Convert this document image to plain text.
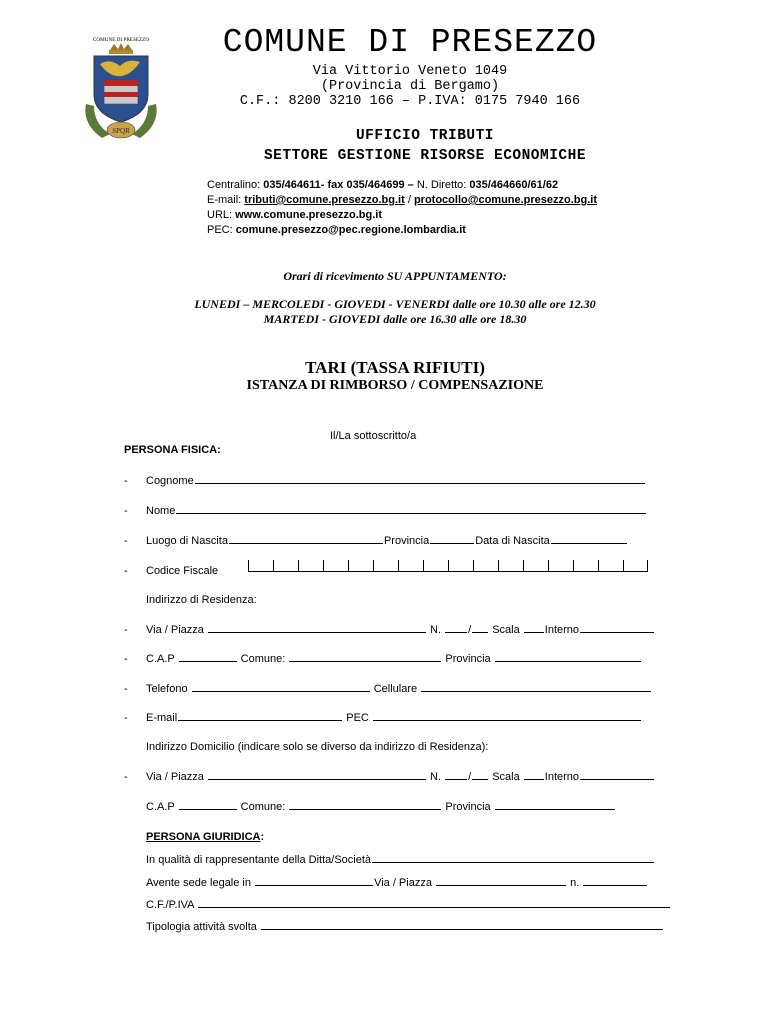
COMUNE DI PRESEZZO
SPQR
COMUNE DI PRESEZZO
Via Vittorio Veneto 1049
(Provincia di Bergamo)
C.F.: 8200 3210 166 – P.IVA: 0175 7940 166
UFFICIO TRIBUTI
SETTORE GESTIONE RISORSE ECONOMICHE
Centralino: 035/464611- fax 035/464699 – N. Diretto: 035/464660/61/62
E-mail: tributi@comune.presezzo.bg.it / protocollo@comune.presezzo.bg.it
URL: www.comune.presezzo.bg.it
PEC: comune.presezzo@pec.regione.lombardia.it
Orari di ricevimento SU APPUNTAMENTO:
LUNEDI – MERCOLEDI - GIOVEDI - VENERDI dalle ore 10.30 alle ore 12.30
MARTEDI - GIOVEDI dalle ore 16.30 alle ore 18.30
TARI (TASSA RIFIUTI)
ISTANZA DI RIMBORSO / COMPENSAZIONE
Il/La sottoscritto/a
PERSONA FISICA:
- Cognome
- Nome
- Luogo di Nascita	Provincia	Data di Nascita
- Codice Fiscale
Indirizzo di Residenza:
- Via / Piazza	N. / Scala Interno
- C.A.P	Comune:	Provincia
- Telefono	Cellulare
- E-mail	PEC
Indirizzo Domicilio (indicare solo se diverso da indirizzo di Residenza):
- Via / Piazza	N. / Scala Interno
C.A.P	Comune:	Provincia
PERSONA GIURIDICA:
In qualità di rappresentante della Ditta/Società
Avente sede legale in	Via / Piazza	n.
C.F./P.IVA
Tipologia attività svolta
